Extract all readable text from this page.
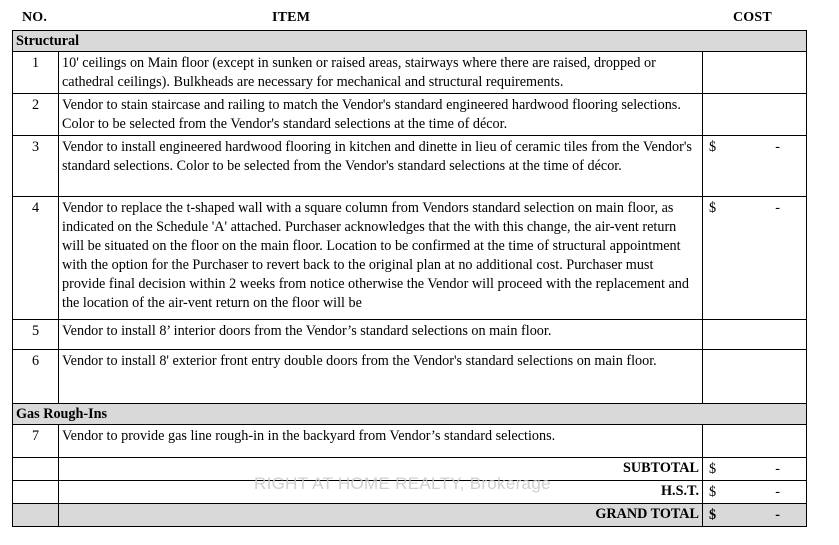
NO.	ITEM	COST
Structural		
1	10' ceilings on Main floor (except in sunken or raised areas, stairways where there are raised, dropped or cathedral ceilings). Bulkheads are necessary for mechanical and structural requirements.	

2	Vendor to stain staircase and railing to match the Vendor's standard engineered hardwood flooring selections. Color to be selected from the Vendor's standard selections at the time of décor.	

3	Vendor to install engineered hardwood flooring in kitchen and dinette in lieu of ceramic tiles from the Vendor's standard selections. Color to be selected from the Vendor's standard selections at the time of décor.	$ -

4	Vendor to replace the t-shaped wall with a square column from Vendors standard selection on main floor, as indicated on the Schedule 'A' attached. Purchaser acknowledges that the with this change, the air-vent return will be situated on the floor on the main floor. Location to be confirmed at the time of structural appointment with the option for the Purchaser to revert back to the original plan at no additional cost. Purchaser must provide final decision within 2 weeks from notice otherwise the Vendor will proceed with the replacement and the location of the air-vent return on the floor will be	$ -

5	Vendor to install 8’ interior doors from the Vendor’s standard selections on main floor.	

6	Vendor to install 8' exterior front entry double doors from the Vendor's standard selections on main floor.	

Gas Rough-Ins		
7	Vendor to provide gas line rough-in in the backyard from Vendor’s standard selections.	

	SUBTOTAL	$ -

	H.S.T.	$ -

	GRAND TOTAL	$ -
RIGHT AT HOME REALTY, Brokerage
